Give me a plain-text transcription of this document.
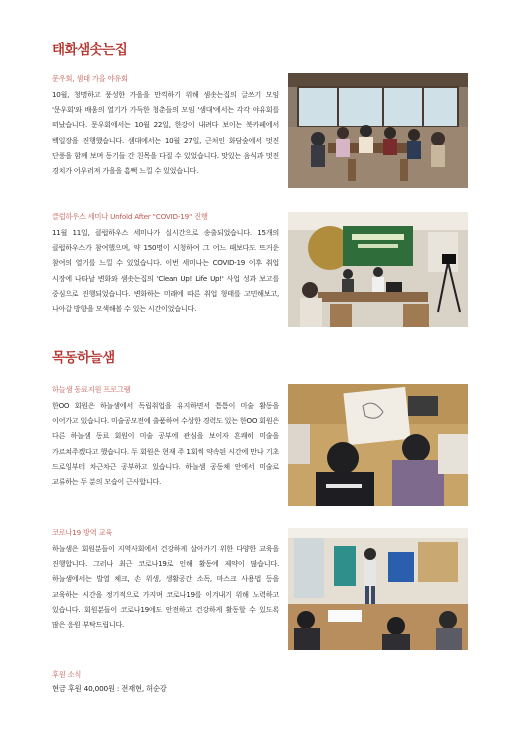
태화샘솟는집
문우회, 샘대 가을 야유회
10월, 청명하고 풍성한 가을을 만끽하기 위해 샘솟는집의 글쓰기 모임 '문우회'와 배움의 열기가 가득한 청춘들의 모임 '샘대'에서는 각각 야유회를 떠났습니다. 문우회에서는 10월 22일, 한강이 내려다 보이는 북카페에서 백일장을 진행했습니다. 샘대에서는 10월 27일, 근처인 화담숲에서 멋진 단풍을 함께 보며 동기들 간 친목을 다질 수 있었습니다. 맛있는 음식과 멋진 경치가 어우러져 가을을 흠뻑 느낄 수 있었습니다.
클럽하우스 세미나 Unfold After "COVID-19" 진행
11월 11일, 클럽하우스 세미나가 실시간으로 송출되었습니다. 15개의 클럽하우스가 참여했으며, 약 150명이 시청하여 그 어느 때보다도 뜨거운 참여의 열기를 느낄 수 있었습니다. 이번 세미나는 COVID-19 이후 취업 시장에 나타날 변화와 샘솟는집의 'Clean Up! Life Up!' 사업 성과 보고를 중심으로 진행되었습니다. 변화하는 미래에 따른 취업 형태를 고민해보고, 나아갈 방향을 모색해볼 수 있는 시간이었습니다.
목동하늘샘
하늘샘 동료지원 프로그램
한OO 회원은 하늘샘에서 독립취업을 유지하면서 틈틈이 미술 활동을 이어가고 있습니다. 미술공모전에 출품하여 수상한 경력도 있는 한OO 회원은 다른 하늘샘 동료 회원이 미술 공부에 관심을 보이자 흔쾌히 미술을 가르쳐주겠다고 했습니다. 두 회원은 현재 주 1회씩 약속된 시간에 만나 기초 드로잉부터 차근차근 공부하고 있습니다. 하늘샘 공동체 안에서 미술로 교류하는 두 분의 모습이 근사합니다.
코로나19 방역 교육
하늘샘은 회원분들이 지역사회에서 건강하게 살아가기 위한 다양한 교육을 진행합니다. 그러나 최근 코로나19로 인해 활동에 제약이 많습니다. 하늘샘에서는 발열 체크, 손 위생, 생활공간 소독, 마스크 사용법 등을 교육하는 시간을 정기적으로 가지며 코로나19를 이겨내기 위해 노력하고 있습니다. 회원분들이 코로나19에도 안전하고 건강하게 활동할 수 있도록 많은 응원 부탁드립니다.
후원 소식
현금 후원 40,000원 : 전재현, 허순강
